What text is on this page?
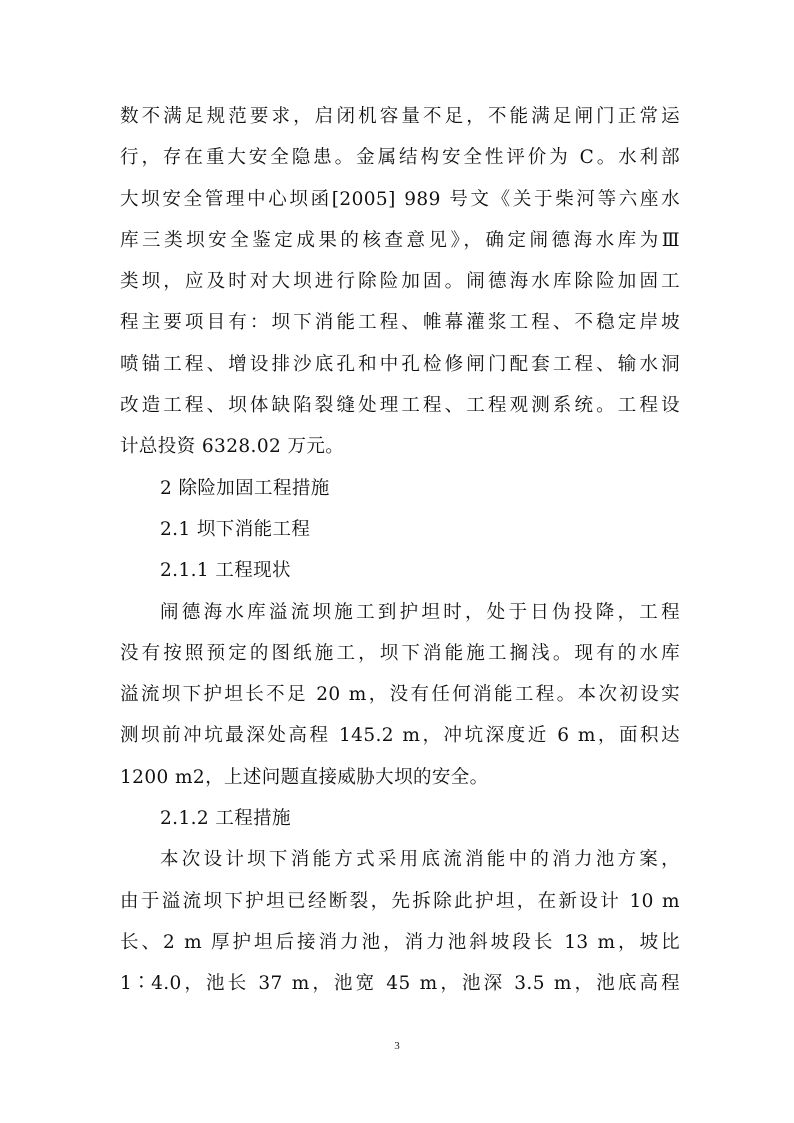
数不满足规范要求，启闭机容量不足，不能满足闸门正常运
行，存在重大安全隐患。金属结构安全性评价为 C。水利部
大坝安全管理中心坝函[2005] 989 号文《关于柴河等六座水
库三类坝安全鉴定成果的核查意见》，确定闹德海水库为Ⅲ
类坝，应及时对大坝进行除险加固。闹德海水库除险加固工
程主要项目有：坝下消能工程、帷幕灌浆工程、不稳定岸坡
喷锚工程、增设排沙底孔和中孔检修闸门配套工程、输水洞
改造工程、坝体缺陷裂缝处理工程、工程观测系统。工程设
计总投资 6328.02 万元。
2 除险加固工程措施
2.1 坝下消能工程
2.1.1 工程现状
闹德海水库溢流坝施工到护坦时，处于日伪投降，工程
没有按照预定的图纸施工，坝下消能施工搁浅。现有的水库
溢流坝下护坦长不足 20 m，没有任何消能工程。本次初设实
测坝前冲坑最深处高程 145.2 m，冲坑深度近 6 m，面积达
1200 m2，上述问题直接威胁大坝的安全。
2.1.2 工程措施
本次设计坝下消能方式采用底流消能中的消力池方案，
由于溢流坝下护坦已经断裂，先拆除此护坦，在新设计 10 m
长、2 m 厚护坦后接消力池，消力池斜坡段长 13 m，坡比
1∶4.0，池长 37 m，池宽 45 m，池深 3.5 m，池底高程
3
